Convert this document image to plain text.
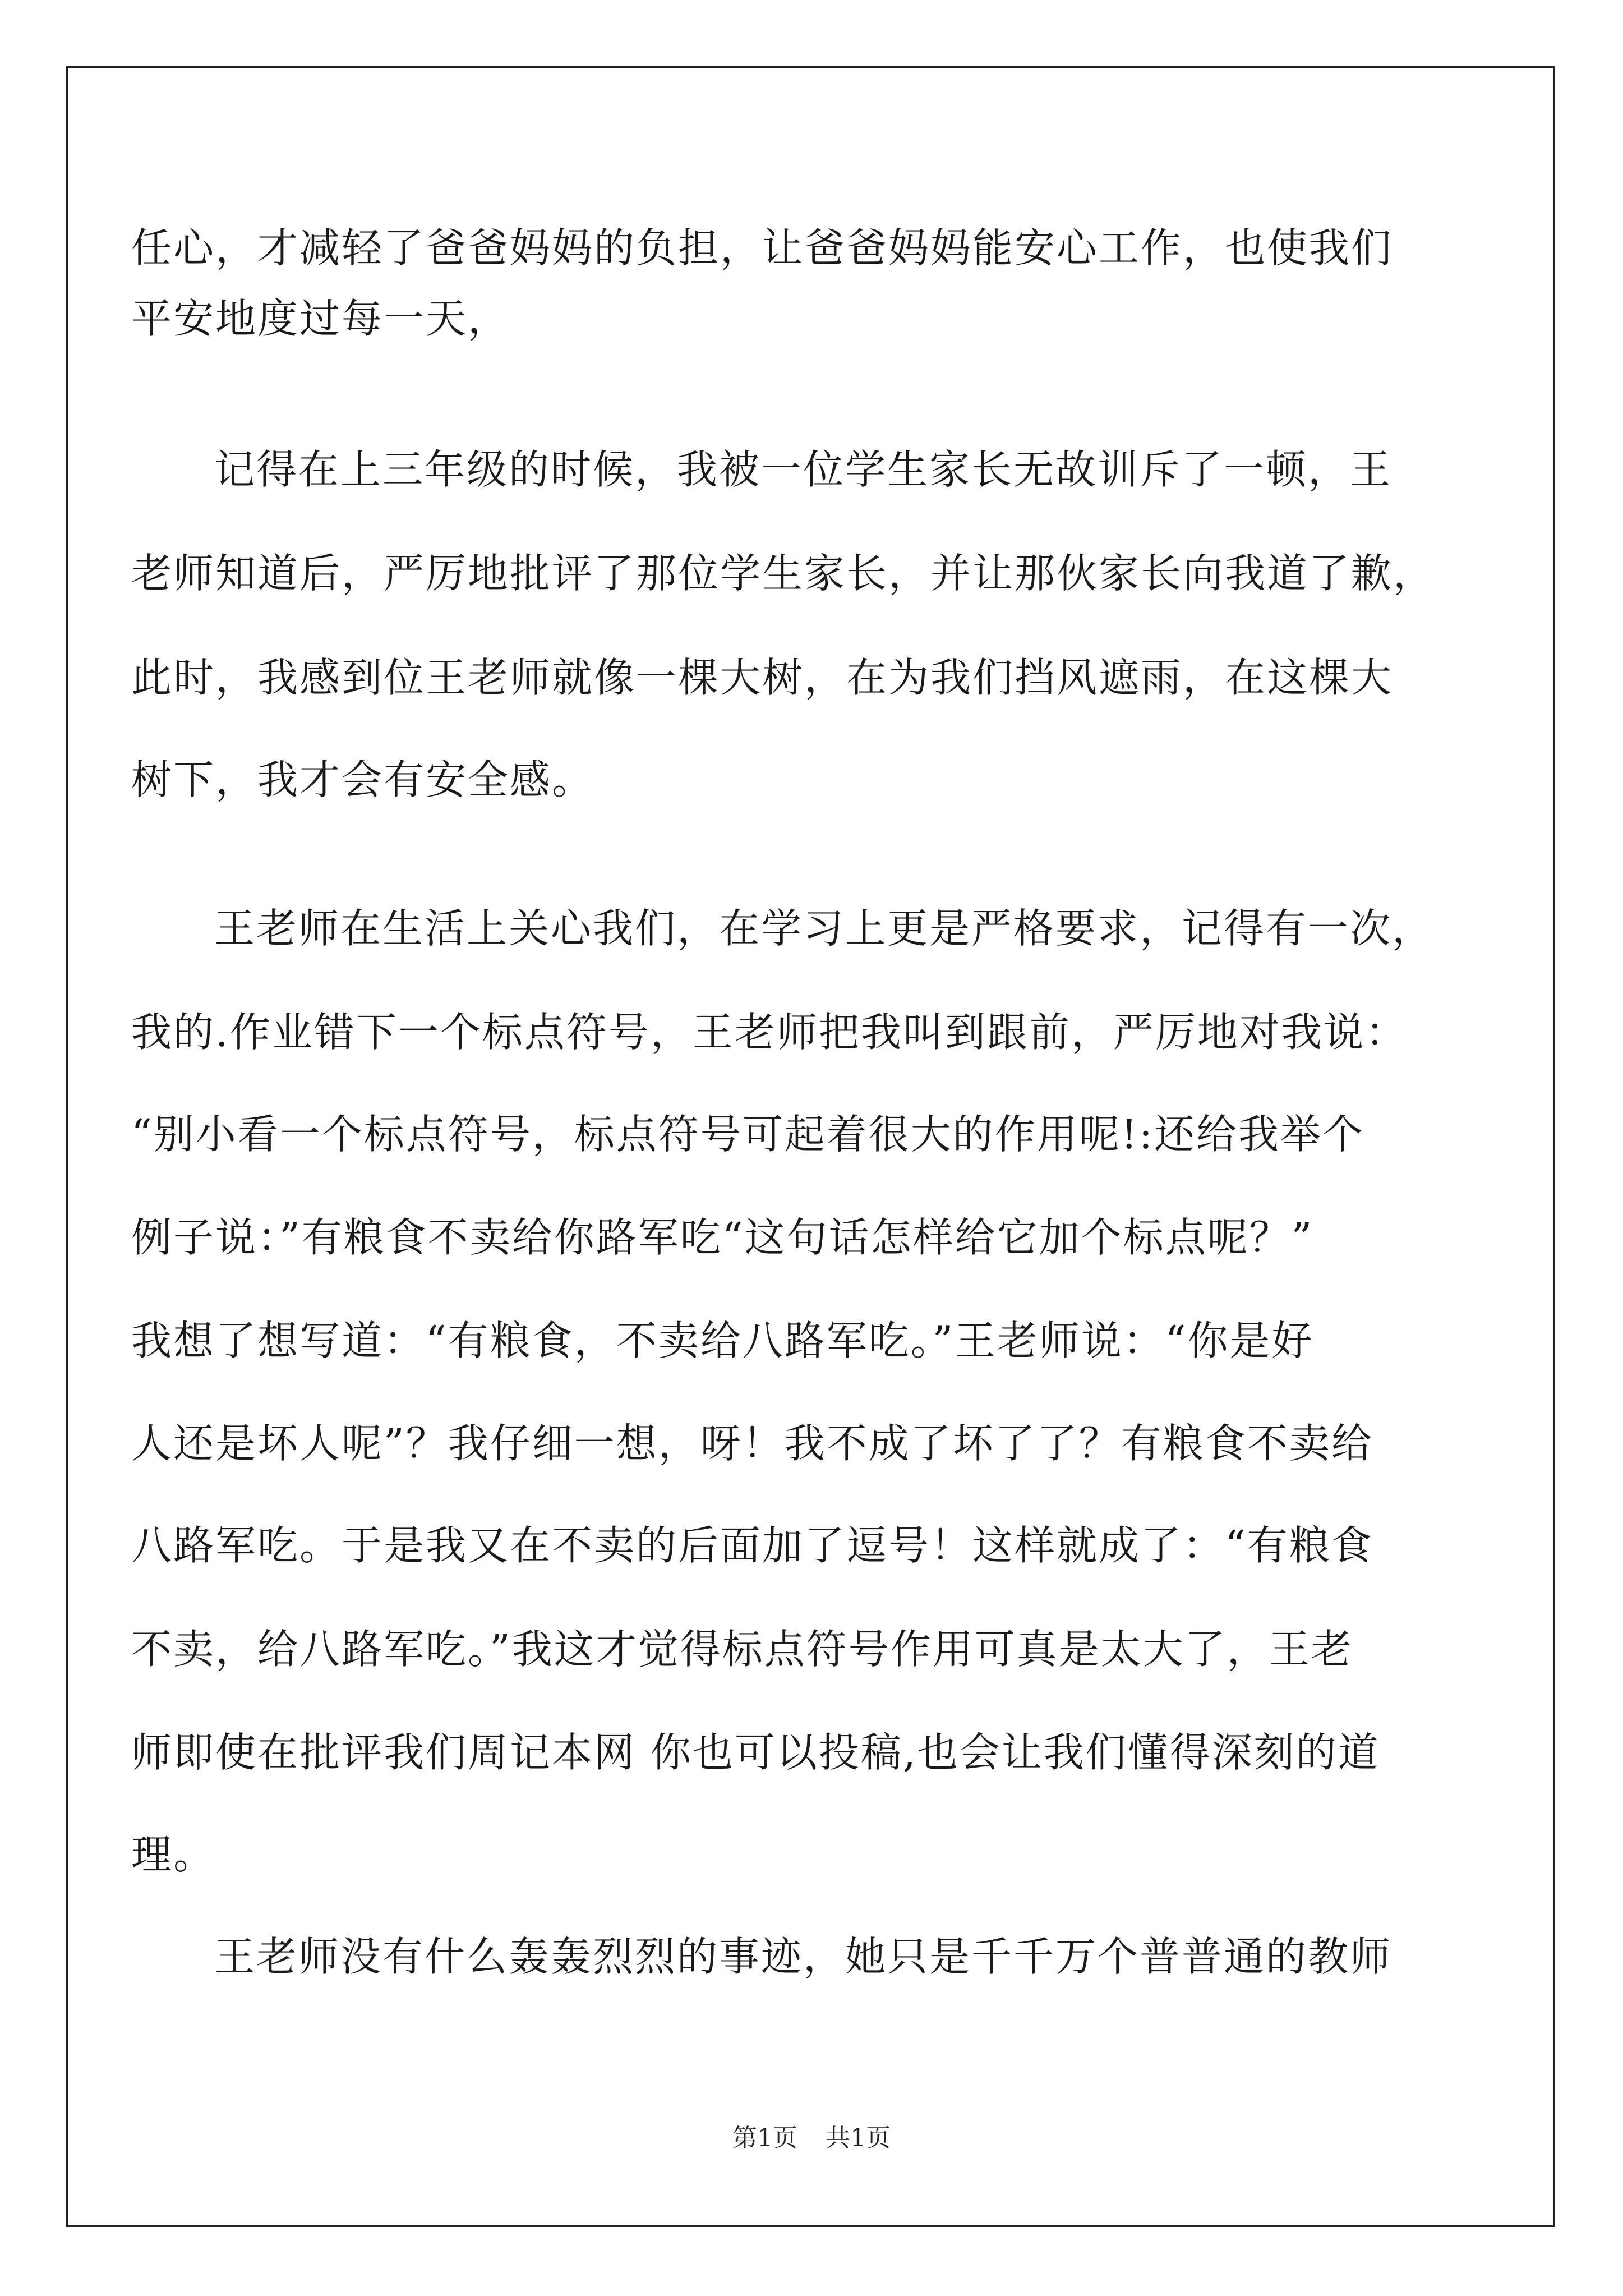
任心，才减轻了爸爸妈妈的负担，让爸爸妈妈能安心工作，也使我们
平安地度过每一天，
记得在上三年级的时候，我被一位学生家长无故训斥了一顿，王
老师知道后，严厉地批评了那位学生家长，并让那伙家长向我道了歉，
此时，我感到位王老师就像一棵大树，在为我们挡风遮雨，在这棵大
树下，我才会有安全感。
王老师在生活上关心我们，在学习上更是严格要求，记得有一次，
我的.作业错下一个标点符号，王老师把我叫到跟前，严厉地对我说：
“别小看一个标点符号，标点符号可起着很大的作用呢!:还给我举个
例子说：”有粮食不卖给你路军吃“这句话怎样给它加个标点呢？”
我想了想写道：“有粮食，不卖给八路军吃。”王老师说：“你是好
人还是坏人呢”？我仔细一想，呀！我不成了坏了了？有粮食不卖给
八路军吃。于是我又在不卖的后面加了逗号！这样就成了：“有粮食
不卖，给八路军吃。”我这才觉得标点符号作用可真是太大了，王老
师即使在批评我们周记本网 你也可以投稿,也会让我们懂得深刻的道
理。
王老师没有什么轰轰烈烈的事迹，她只是千千万个普普通的教师
第1页 共1页
